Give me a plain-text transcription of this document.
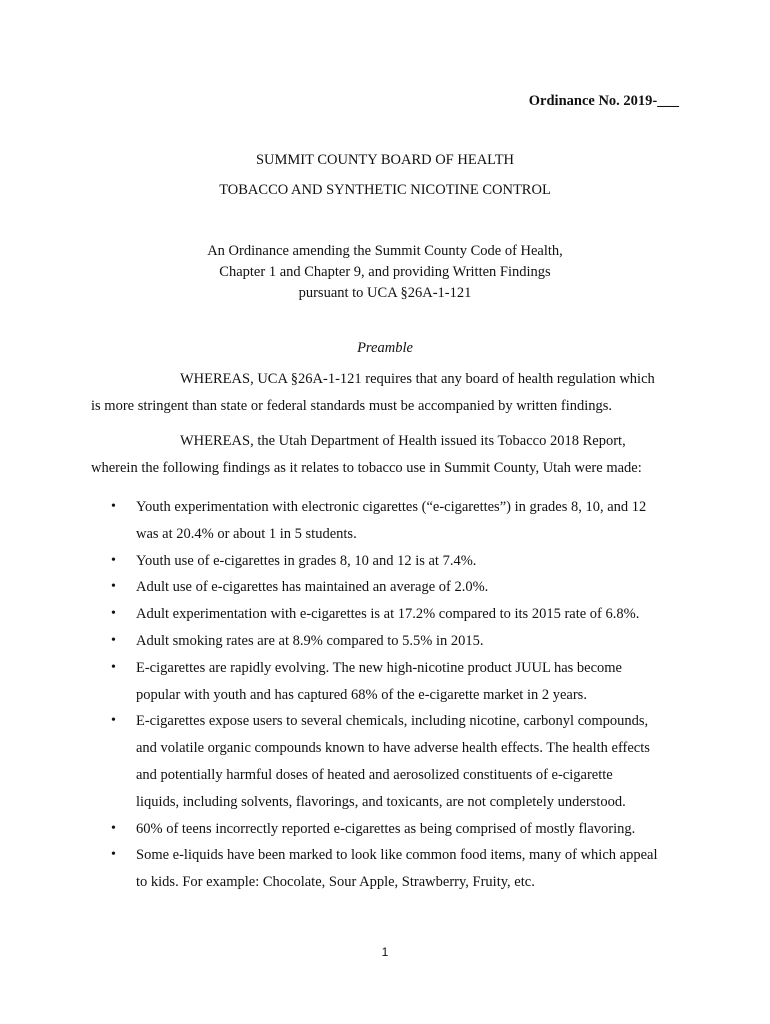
Ordinance No. 2019-___
SUMMIT COUNTY BOARD OF HEALTH
TOBACCO AND SYNTHETIC NICOTINE CONTROL
An Ordinance amending the Summit County Code of Health,
Chapter 1 and Chapter 9, and providing Written Findings
pursuant to UCA §26A-1-121
Preamble
WHEREAS, UCA §26A-1-121 requires that any board of health regulation which
is more stringent than state or federal standards must be accompanied by written findings.
WHEREAS, the Utah Department of Health issued its Tobacco 2018 Report,
wherein the following findings as it relates to tobacco use in Summit County, Utah were made:
• Youth experimentation with electronic cigarettes (“e-cigarettes”) in grades 8, 10, and 12
was at 20.4% or about 1 in 5 students.
• Youth use of e-cigarettes in grades 8, 10 and 12 is at 7.4%.
• Adult use of e-cigarettes has maintained an average of 2.0%.
• Adult experimentation with e-cigarettes is at 17.2% compared to its 2015 rate of 6.8%.
• Adult smoking rates are at 8.9% compared to 5.5% in 2015.
• E-cigarettes are rapidly evolving. The new high-nicotine product JUUL has become
popular with youth and has captured 68% of the e-cigarette market in 2 years.
• E-cigarettes expose users to several chemicals, including nicotine, carbonyl compounds,
and volatile organic compounds known to have adverse health effects. The health effects
and potentially harmful doses of heated and aerosolized constituents of e-cigarette
liquids, including solvents, flavorings, and toxicants, are not completely understood.
• 60% of teens incorrectly reported e-cigarettes as being comprised of mostly flavoring.
• Some e-liquids have been marked to look like common food items, many of which appeal
to kids. For example: Chocolate, Sour Apple, Strawberry, Fruity, etc.
1
